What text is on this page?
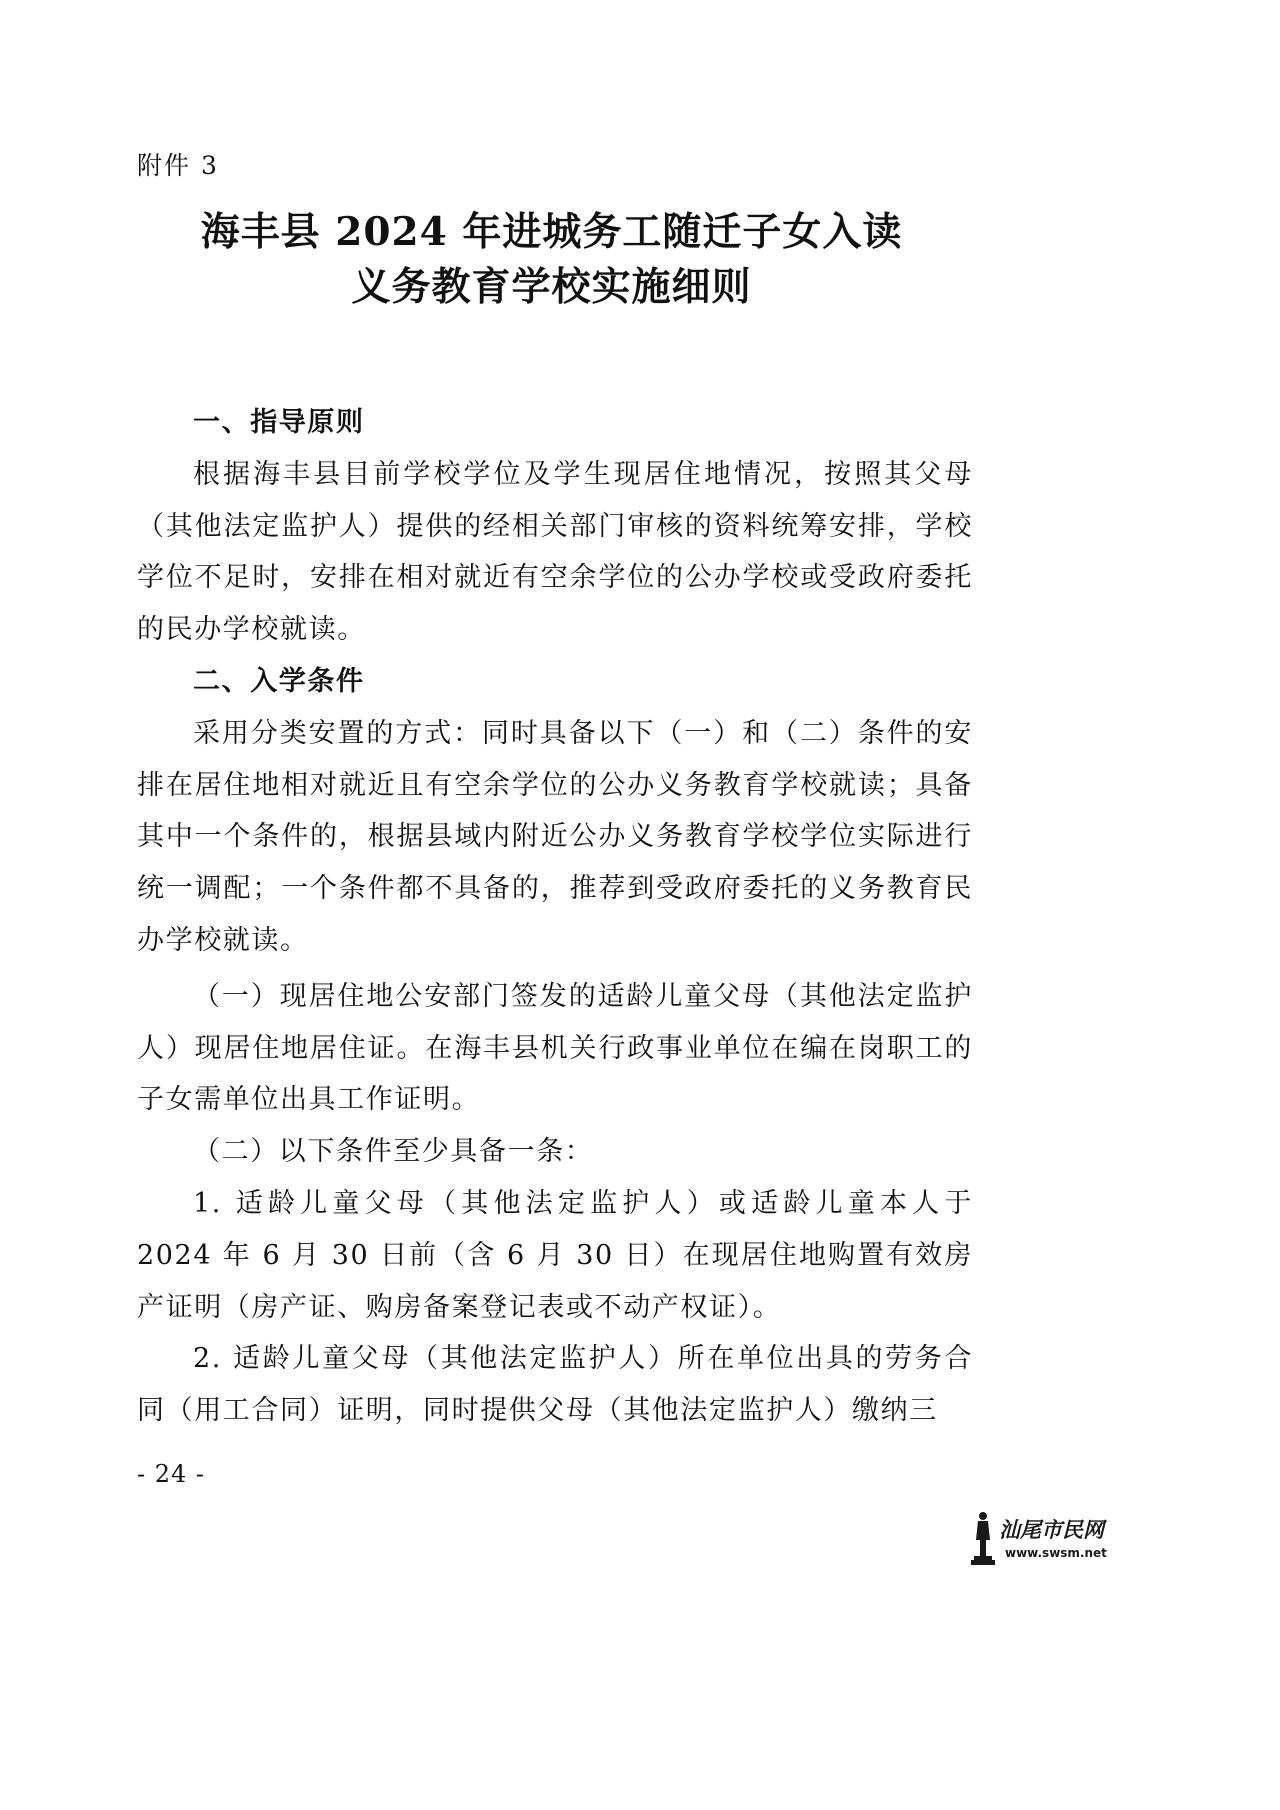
附件 3
海丰县 2024 年进城务工随迁子女入读
义务教育学校实施细则

一、指导原则

根据海丰县目前学校学位及学生现居住地情况，按照其父母（其他法定监护人）提供的经相关部门审核的资料统筹安排，学校学位不足时，安排在相对就近有空余学位的公办学校或受政府委托的民办学校就读。

二、入学条件

采用分类安置的方式：同时具备以下（一）和（二）条件的安排在居住地相对就近且有空余学位的公办义务教育学校就读；具备其中一个条件的，根据县域内附近公办义务教育学校学位实际进行统一调配；一个条件都不具备的，推荐到受政府委托的义务教育民办学校就读。

（一）现居住地公安部门签发的适龄儿童父母（其他法定监护人）现居住地居住证。在海丰县机关行政事业单位在编在岗职工的子女需单位出具工作证明。

（二）以下条件至少具备一条：

1. 适龄儿童父母（其他法定监护人）或适龄儿童本人于 2024 年 6 月 30 日前（含 6 月 30 日）在现居住地购置有效房产证明（房产证、购房备案登记表或不动产权证）。

2. 适龄儿童父母（其他法定监护人）所在单位出具的劳务合同（用工合同）证明，同时提供父母（其他法定监护人）缴纳三

- 24 -
汕尾市民网
www.swsm.net
